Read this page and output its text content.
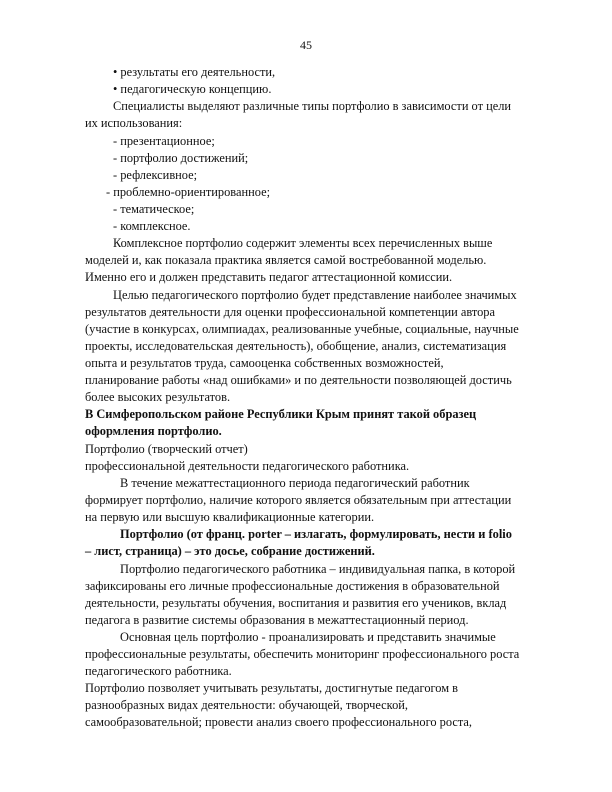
45
• результаты его деятельности,
• педагогическую концепцию.
Специалисты выделяют различные типы портфолио в зависимости от цели
их использования:
- презентационное;
- портфолио достижений;
- рефлексивное;
- проблемно-ориентированное;
- тематическое;
- комплексное.
Комплексное портфолио содержит элементы всех перечисленных выше
моделей и, как показала практика является самой востребованной моделью.
Именно его и должен представить педагог аттестационной комиссии.
Целью педагогического портфолио будет представление наиболее значимых
результатов деятельности для оценки профессиональной компетенции автора
(участие в конкурсах, олимпиадах, реализованные учебные, социальные, научные
проекты, исследовательская деятельность), обобщение, анализ, систематизация
опыта и результатов труда, самооценка собственных возможностей,
планирование работы «над ошибками» и по деятельности позволяющей достичь
более высоких результатов.
В Симферопольском районе Республики Крым принят такой образец
оформления портфолио.
Портфолио (творческий отчет)
профессиональной деятельности педагогического работника.
В течение межаттестационного периода педагогический работник
формирует портфолио, наличие которого является обязательным при аттестации
на первую или высшую квалификационные категории.
Портфолио (от франц. porter – излагать, формулировать, нести и folio
– лист, страница) – это досье, собрание достижений.
Портфолио педагогического работника – индивидуальная папка, в которой
зафиксированы его личные профессиональные достижения в образовательной
деятельности, результаты обучения, воспитания и развития его учеников, вклад
педагога в развитие системы образования в межаттестационный период.
Основная цель портфолио - проанализировать и представить значимые
профессиональные результаты, обеспечить мониторинг профессионального роста
педагогического работника.
Портфолио позволяет учитывать результаты, достигнутые педагогом в
разнообразных видах деятельности: обучающей, творческой,
самообразовательной; провести анализ своего профессионального роста,
